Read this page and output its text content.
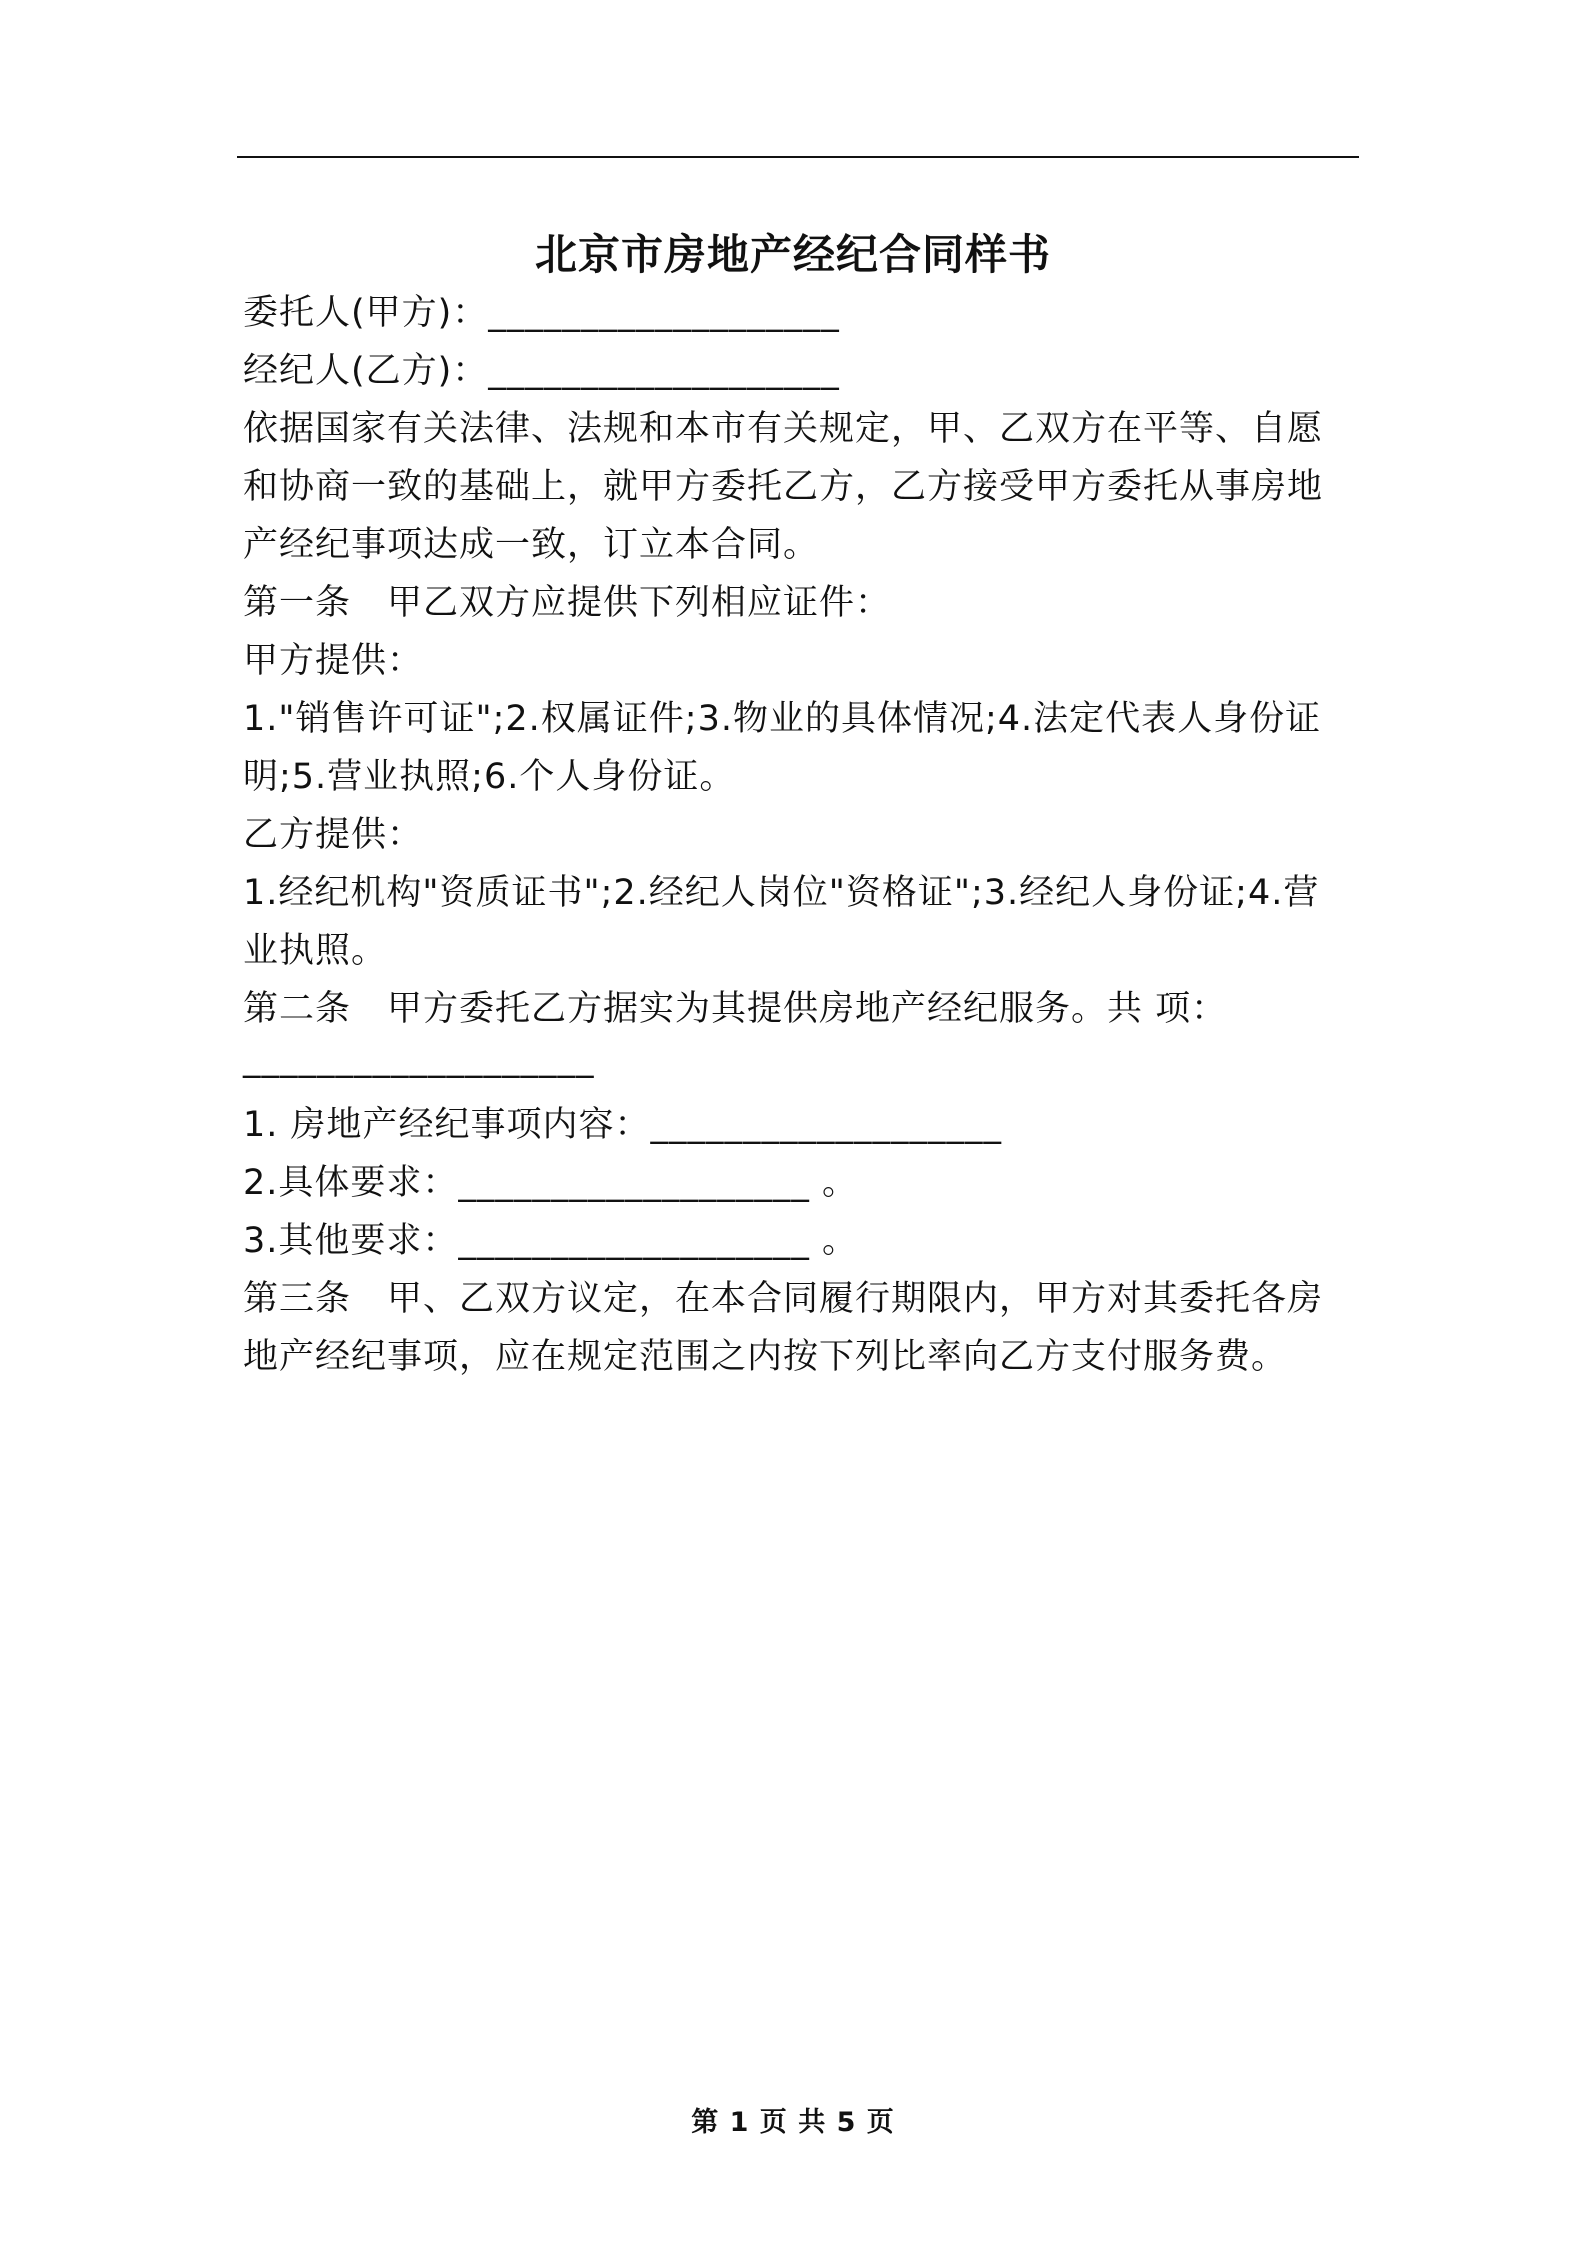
北京市房地产经纪合同样书
委托人(甲方)：___________________
经纪人(乙方)：___________________
依据国家有关法律、法规和本市有关规定，甲、乙双方在平等、自愿
和协商一致的基础上，就甲方委托乙方，乙方接受甲方委托从事房地
产经纪事项达成一致，订立本合同。
第一条　甲乙双方应提供下列相应证件：
甲方提供：
1."销售许可证";2.权属证件;3.物业的具体情况;4.法定代表人身份证
明;5.营业执照;6.个人身份证。
乙方提供：
1.经纪机构"资质证书";2.经纪人岗位"资格证";3.经纪人身份证;4.营
业执照。
第二条　甲方委托乙方据实为其提供房地产经纪服务。共 项：
___________________
1. 房地产经纪事项内容：___________________
2.具体要求：___________________ 。
3.其他要求：___________________ 。
第三条　甲、乙双方议定，在本合同履行期限内，甲方对其委托各房
地产经纪事项，应在规定范围之内按下列比率向乙方支付服务费。
第 1 页 共 5 页
